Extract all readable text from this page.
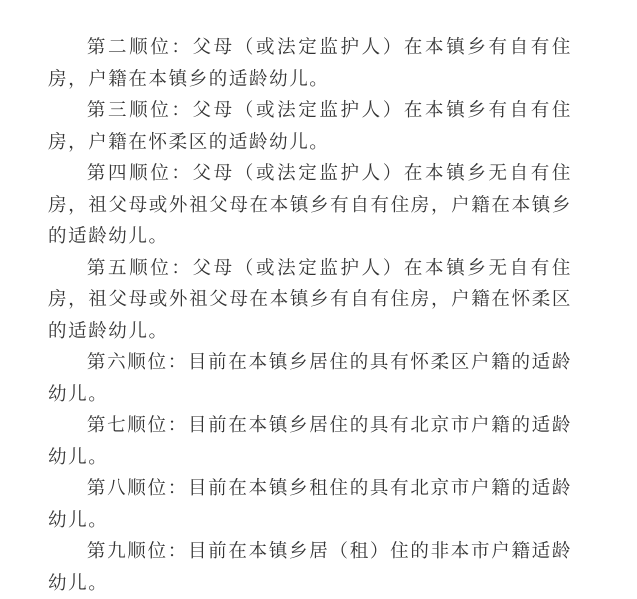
第二顺位：父母（或法定监护人）在本镇乡有自有住房，户籍在本镇乡的适龄幼儿。

第三顺位：父母（或法定监护人）在本镇乡有自有住房，户籍在怀柔区的适龄幼儿。

第四顺位：父母（或法定监护人）在本镇乡无自有住房，祖父母或外祖父母在本镇乡有自有住房，户籍在本镇乡的适龄幼儿。

第五顺位：父母（或法定监护人）在本镇乡无自有住房，祖父母或外祖父母在本镇乡有自有住房，户籍在怀柔区的适龄幼儿。

第六顺位：目前在本镇乡居住的具有怀柔区户籍的适龄幼儿。

第七顺位：目前在本镇乡居住的具有北京市户籍的适龄幼儿。

第八顺位：目前在本镇乡租住的具有北京市户籍的适龄幼儿。

第九顺位：目前在本镇乡居（租）住的非本市户籍适龄幼儿。
